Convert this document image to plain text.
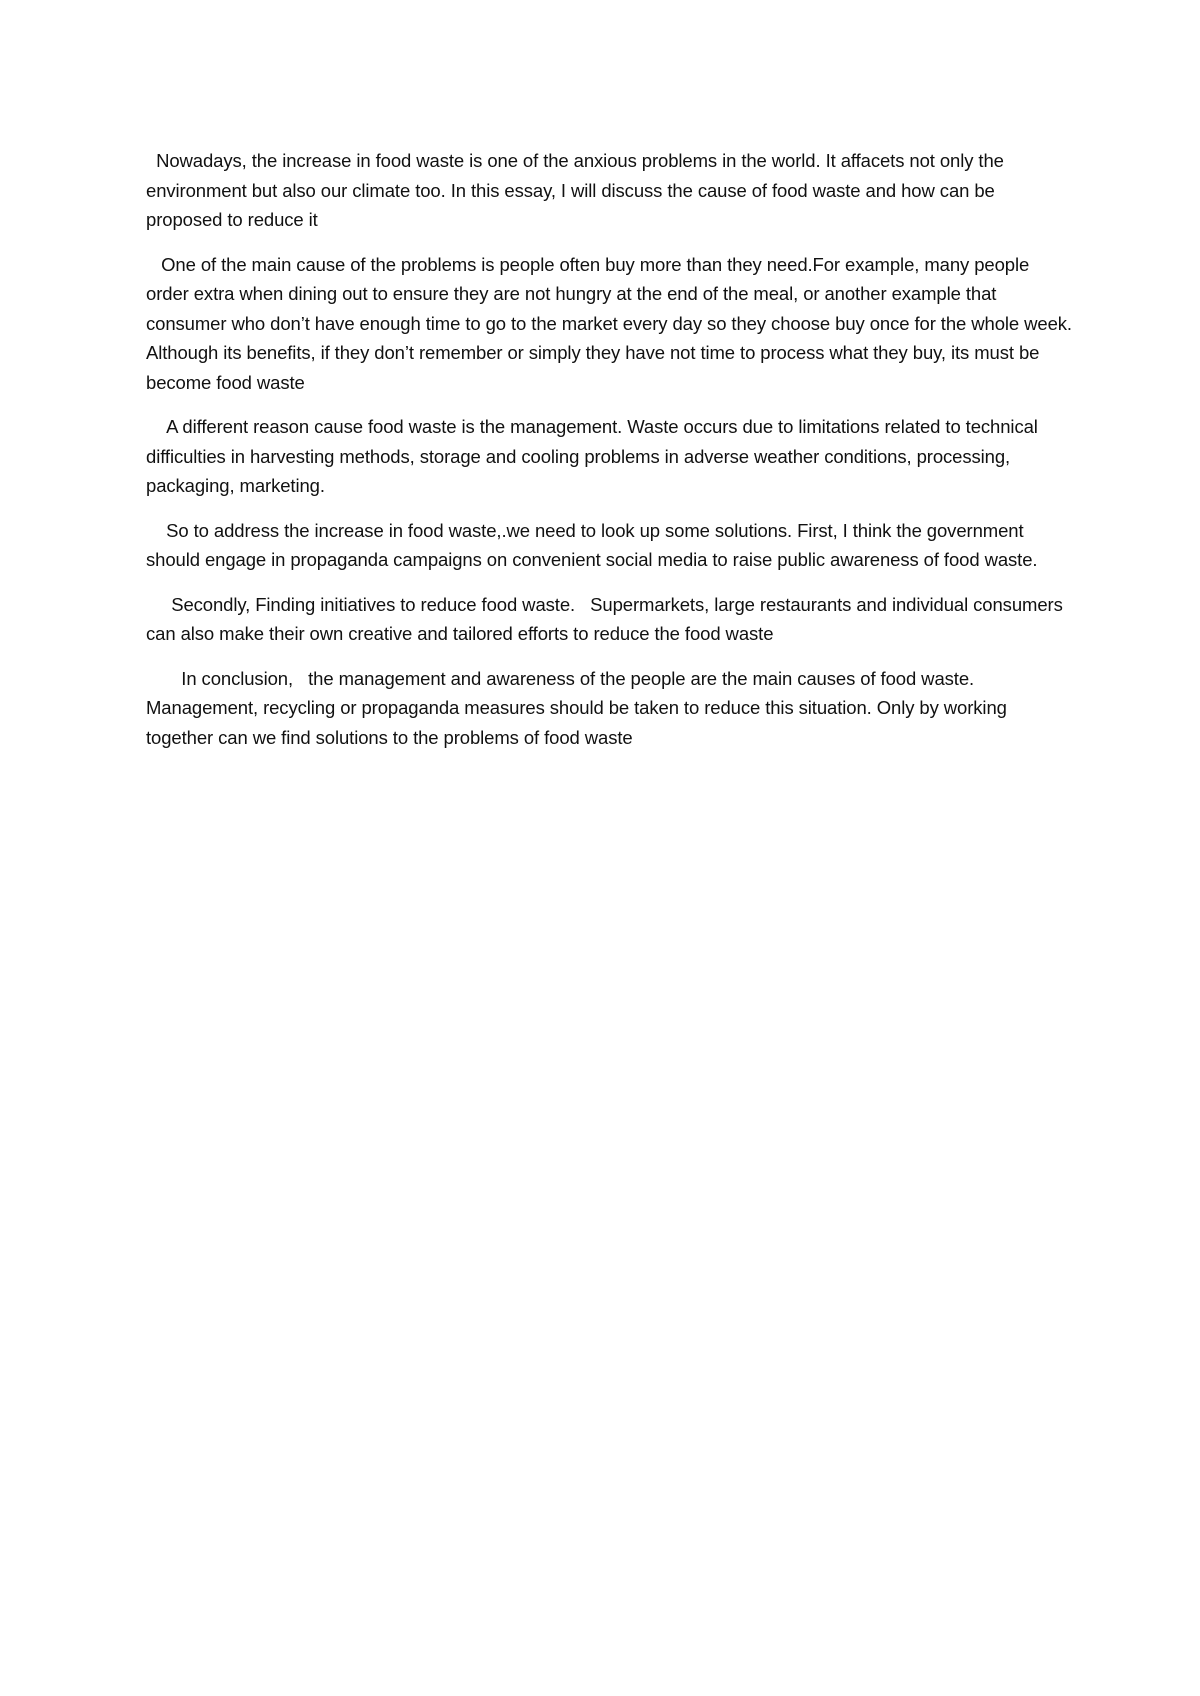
Nowadays, the increase in food waste is one of the anxious problems in the world. It affacets not only the environment but also our climate too. In this essay, I will discuss the cause of food waste and how can be proposed to reduce it

One of the main cause of the problems is people often buy more than they need.For example, many people order extra when dining out to ensure they are not hungry at the end of the meal, or another example that consumer who don’t have enough time to go to the market every day so they choose buy once for the whole week. Although its benefits, if they don’t remember or simply they have not time to process what they buy, its must be become food waste

A different reason cause food waste is the management. Waste occurs due to limitations related to technical difficulties in harvesting methods, storage and cooling problems in adverse weather conditions, processing, packaging, marketing.

So to address the increase in food waste,.we need to look up some solutions. First, I think the government should engage in propaganda campaigns on convenient social media to raise public awareness of food waste.

Secondly, Finding initiatives to reduce food waste.   Supermarkets, large restaurants and individual consumers can also make their own creative and tailored efforts to reduce the food waste

In conclusion,   the management and awareness of the people are the main causes of food waste. Management, recycling or propaganda measures should be taken to reduce this situation. Only by working together can we find solutions to the problems of food waste
